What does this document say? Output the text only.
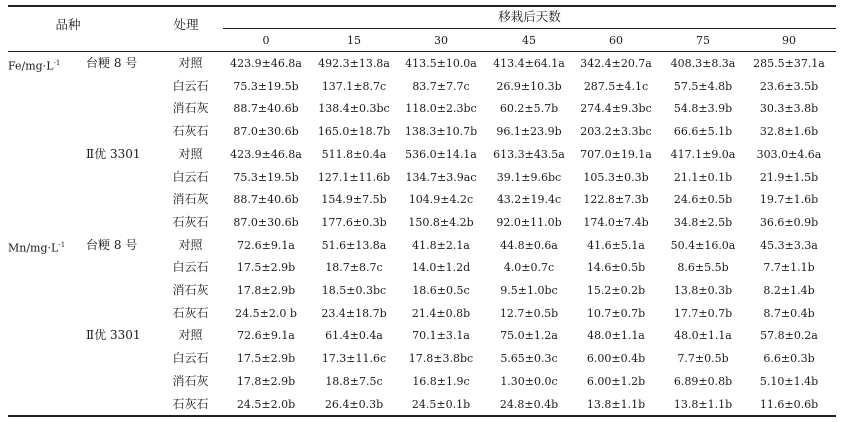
品种	处理
移栽后天数
0	15	30	45	60	75	90
$Fe/mg\cdot L^{-1}$	台粳 8 号	对照	423.9±46.8a	492.3±13.8a	413.5±10.0a	413.4±64.1a	342.4±20.7a	408.3±8.3a	285.5±37.1a
白云石	75.3±19.5b	137.1±8.7c	83.7±7.7c	26.9±10.3b	287.5±4.1c	57.5±4.8b	23.6±3.5b
消石灰	88.7±40.6b	138.4±0.3bc	118.0±2.3bc	60.2±5.7b	274.4±9.3bc	54.8±3.9b	30.3±3.8b
石灰石	87.0±30.6b	165.0±18.7b	138.3±10.7b	96.1±23.9b	203.2±3.3bc	66.6±5.1b	32.8±1.6b
Ⅱ优 3301	对照	423.9±46.8a	511.8±0.4a	536.0±14.1a	613.3±43.5a	707.0±19.1a	417.1±9.0a	303.0±4.6a
白云石	75.3±19.5b	127.1±11.6b	134.7±3.9ac	39.1±9.6bc	105.3±0.3b	21.1±0.1b	21.9±1.5b
消石灰	88.7±40.6b	154.9±7.5b	104.9±4.2c	43.2±19.4c	122.8±7.3b	24.6±0.5b	19.7±1.6b
石灰石	87.0±30.6b	177.6±0.3b	150.8±4.2b	92.0±11.0b	174.0±7.4b	34.8±2.5b	36.6±0.9b
$Mn/mg\cdot L^{-1}$	台粳 8 号	对照	72.6±9.1a	51.6±13.8a	41.8±2.1a	44.8±0.6a	41.6±5.1a	50.4±16.0a	45.3±3.3a
白云石	17.5±2.9b	18.7±8.7c	14.0±1.2d	4.0±0.7c	14.6±0.5b	8.6±5.5b	7.7±1.1b
消石灰	17.8±2.9b	18.5±0.3bc	18.6±0.5c	9.5±1.0bc	15.2±0.2b	13.8±0.3b	8.2±1.4b
石灰石	24.5±2.0 b	23.4±18.7b	21.4±0.8b	12.7±0.5b	10.7±0.7b	17.7±0.7b	8.7±0.4b
Ⅱ优 3301	对照	72.6±9.1a	61.4±0.4a	70.1±3.1a	75.0±1.2a	48.0±1.1a	48.0±1.1a	57.8±0.2a
白云石	17.5±2.9b	17.3±11.6c	17.8±3.8bc	5.65±0.3c	6.00±0.4b	7.7±0.5b	6.6±0.3b
消石灰	17.8±2.9b	18.8±7.5c	16.8±1.9c	1.30±0.0c	6.00±1.2b	6.89±0.8b	5.10±1.4b
石灰石	24.5±2.0b	26.4±0.3b	24.5±0.1b	24.8±0.4b	13.8±1.1b	13.8±1.1b	11.6±0.6b
